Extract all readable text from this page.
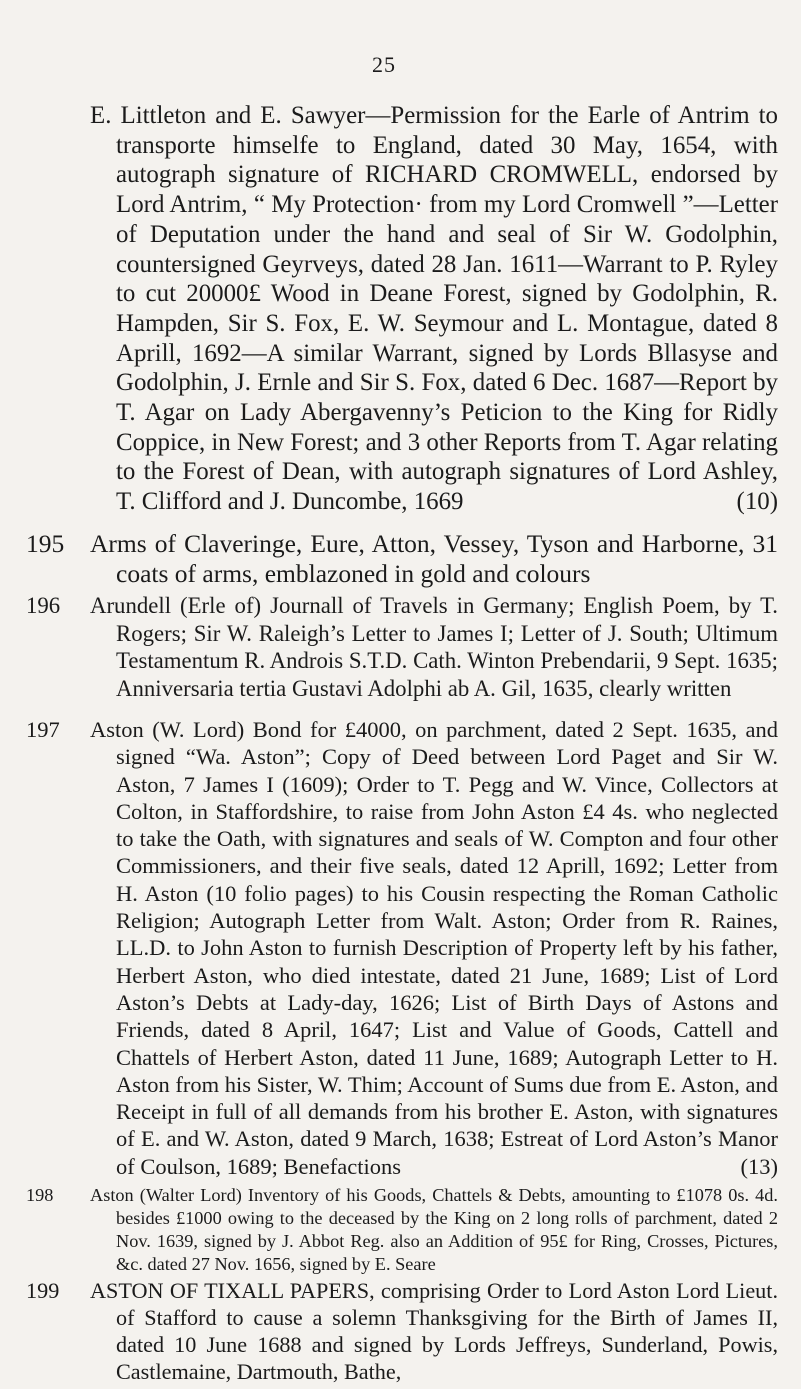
25
E. Littleton and E. Sawyer—Permission for the Earle of Antrim to transporte himselfe to England, dated 30 May, 1654, with autograph signature of RICHARD CROMWELL, endorsed by Lord Antrim, “ My Protection· from my Lord Cromwell ”—Letter of Deputation under the hand and seal of Sir W. Godolphin, countersigned Geyrveys, dated 28 Jan. 1611—Warrant to P. Ryley to cut 20000£ Wood in Deane Forest, signed by Godolphin, R. Hampden, Sir S. Fox, E. W. Seymour and L. Montague, dated 8 Aprill, 1692—A similar Warrant, signed by Lords Bllasyse and Godolphin, J. Ernle and Sir S. Fox, dated 6 Dec. 1687—Report by T. Agar on Lady Abergavenny’s Peticion to the King for Ridly Coppice, in New Forest; and 3 other Reports from T. Agar relating to the Forest of Dean, with autograph signatures of Lord Ashley, T. Clifford and J. Duncombe, 1669	(10)
195	Arms of Claveringe, Eure, Atton, Vessey, Tyson and Harborne, 31 coats of arms, emblazoned in gold and colours
196	Arundell (Erle of) Journall of Travels in Germany; English Poem, by T. Rogers; Sir W. Raleigh’s Letter to James I; Letter of J. South; Ultimum Testamentum R. Androis S.T.D. Cath. Winton Prebendarii, 9 Sept. 1635; Anniversaria tertia Gustavi Adolphi ab A. Gil, 1635, clearly written
197	Aston (W. Lord) Bond for £4000, on parchment, dated 2 Sept. 1635, and signed “Wa. Aston”; Copy of Deed between Lord Paget and Sir W. Aston, 7 James I (1609); Order to T. Pegg and W. Vince, Collectors at Colton, in Staffordshire, to raise from John Aston £4 4s. who neglected to take the Oath, with signatures and seals of W. Compton and four other Commissioners, and their five seals, dated 12 Aprill, 1692; Letter from H. Aston (10 folio pages) to his Cousin respecting the Roman Catholic Religion; Autograph Letter from Walt. Aston; Order from R. Raines, LL.D. to John Aston to furnish Description of Property left by his father, Herbert Aston, who died intestate, dated 21 June, 1689; List of Lord Aston’s Debts at Lady-day, 1626; List of Birth Days of Astons and Friends, dated 8 April, 1647; List and Value of Goods, Cattell and Chattels of Herbert Aston, dated 11 June, 1689; Autograph Letter to H. Aston from his Sister, W. Thim; Account of Sums due from E. Aston, and Receipt in full of all demands from his brother E. Aston, with signatures of E. and W. Aston, dated 9 March, 1638; Estreat of Lord Aston’s Manor of Coulson, 1689; Benefactions	(13)
198	Aston (Walter Lord) Inventory of his Goods, Chattels & Debts, amounting to £1078 0s. 4d. besides £1000 owing to the deceased by the King on 2 long rolls of parchment, dated 2 Nov. 1639, signed by J. Abbot Reg. also an Addition of 95£ for Ring, Crosses, Pictures, &c. dated 27 Nov. 1656, signed by E. Seare
199	ASTON OF TIXALL PAPERS, comprising Order to Lord Aston Lord Lieut. of Stafford to cause a solemn Thanksgiving for the Birth of James II, dated 10 June 1688 and signed by Lords Jeffreys, Sunderland, Powis, Castlemaine, Dartmouth, Bathe,
